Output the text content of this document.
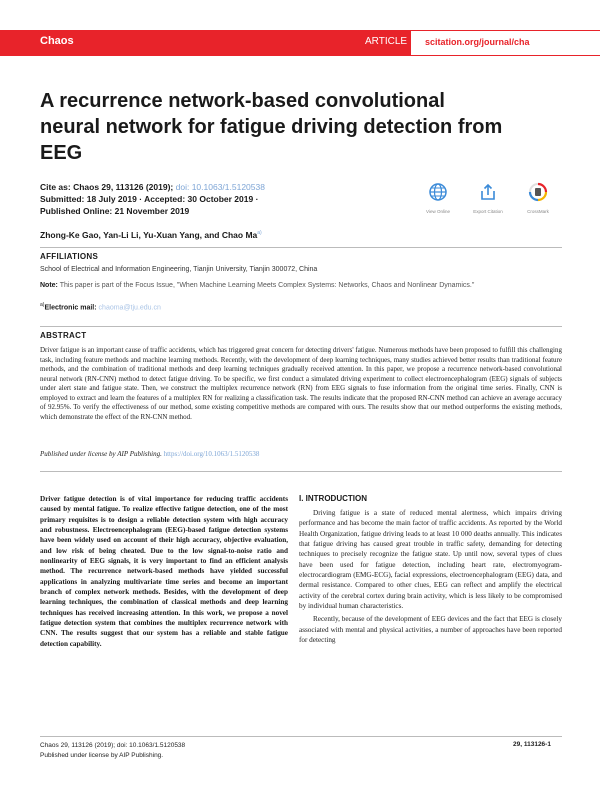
Chaos	ARTICLE scitation.org/journal/cha
A recurrence network-based convolutional neural network for fatigue driving detection from EEG
Cite as: Chaos 29, 113126 (2019); doi: 10.1063/1.5120538
Submitted: 18 July 2019 · Accepted: 30 October 2019 ·
Published Online: 21 November 2019	View Online	Export Citation	CrossMark
Zhong-Ke Gao, Yan-Li Li, Yu-Xuan Yang, and Chao Ma$^{a)}$
AFFILIATIONS
School of Electrical and Information Engineering, Tianjin University, Tianjin 300072, China
Note: This paper is part of the Focus Issue, "When Machine Learning Meets Complex Systems: Networks, Chaos and Nonlinear Dynamics."
$^{a)}$Electronic mail: chaoma@tju.edu.cn
ABSTRACT
Driver fatigue is an important cause of traffic accidents, which has triggered great concern for detecting drivers' fatigue. Numerous methods have been proposed to fulfill this challenging task, including feature methods and machine learning methods. Recently, with the development of deep learning techniques, many studies achieved better results than traditional feature methods, and the combination of traditional methods and deep learning techniques gradually received attention. In this paper, we propose a recurrence network-based convolutional neural network (RN-CNN) method to detect fatigue driving. To be specific, we first conduct a simulated driving experiment to collect electroencephalogram (EEG) signals of subjects under alert state and fatigue state. Then, we construct the multiplex recurrence network (RN) from EEG signals to fuse information from the original time series. Finally, CNN is employed to extract and learn the features of a multiplex RN for realizing a classification task. The results indicate that the proposed RN-CNN method can achieve an average accuracy of 92.95%. To verify the effectiveness of our method, some existing competitive methods are compared with ours. The results show that our method outperforms the existing methods, which demonstrate the effect of the RN-CNN method.
Published under license by AIP Publishing. https://doi.org/10.1063/1.5120538
Driver fatigue detection is of vital importance for reducing traffic accidents caused by mental fatigue. To realize effective fatigue detection, one of the most primary requisites is to design a reliable detection system with high accuracy and robustness. Electroencephalogram (EEG)-based fatigue detection systems have been widely used on account of their high accuracy, objective evaluation, and low risk of being cheated. Due to the low signal-to-noise ratio and nonlinearity of EEG signals, it is very important to find an efficient analysis method. The recurrence network-based methods have yielded successful applications in analyzing multivariate time series and become an important branch of complex network methods. Besides, with the development of deep learning techniques, the combination of classical methods and deep learning techniques has received increasing attention. In this work, we propose a novel fatigue detection system that combines the multiplex recurrence network with CNN. The results suggest that our system has a reliable and stable fatigue detection capability.
I. INTRODUCTION

Driving fatigue is a state of reduced mental alertness, which impairs driving performance and has become the main factor of traffic accidents. As reported by the World Health Organization, fatigue driving leads to at least 10 000 deaths annually. This indicates that fatigue driving has caused great trouble in traffic safety, demanding for detecting techniques to precisely recognize the fatigue state. Up until now, several types of clues have been used for fatigue detection, including heart rate, electromyogram-electrocardiogram (EMG-ECG), facial expressions, electroencephalogram (EEG) data, and dermal resistance. Compared to other clues, EEG can reflect and amplify the electrical activity of the cerebral cortex during brain activity, which is less likely to be compromised by individual human characteristics.

Recently, because of the development of EEG devices and the fact that EEG is closely associated with mental and physical activities, a number of approaches have been reported for detecting

Chaos 29, 113126 (2019); doi: 10.1063/1.5120538
Published under license by AIP Publishing.
29, 113126-1
